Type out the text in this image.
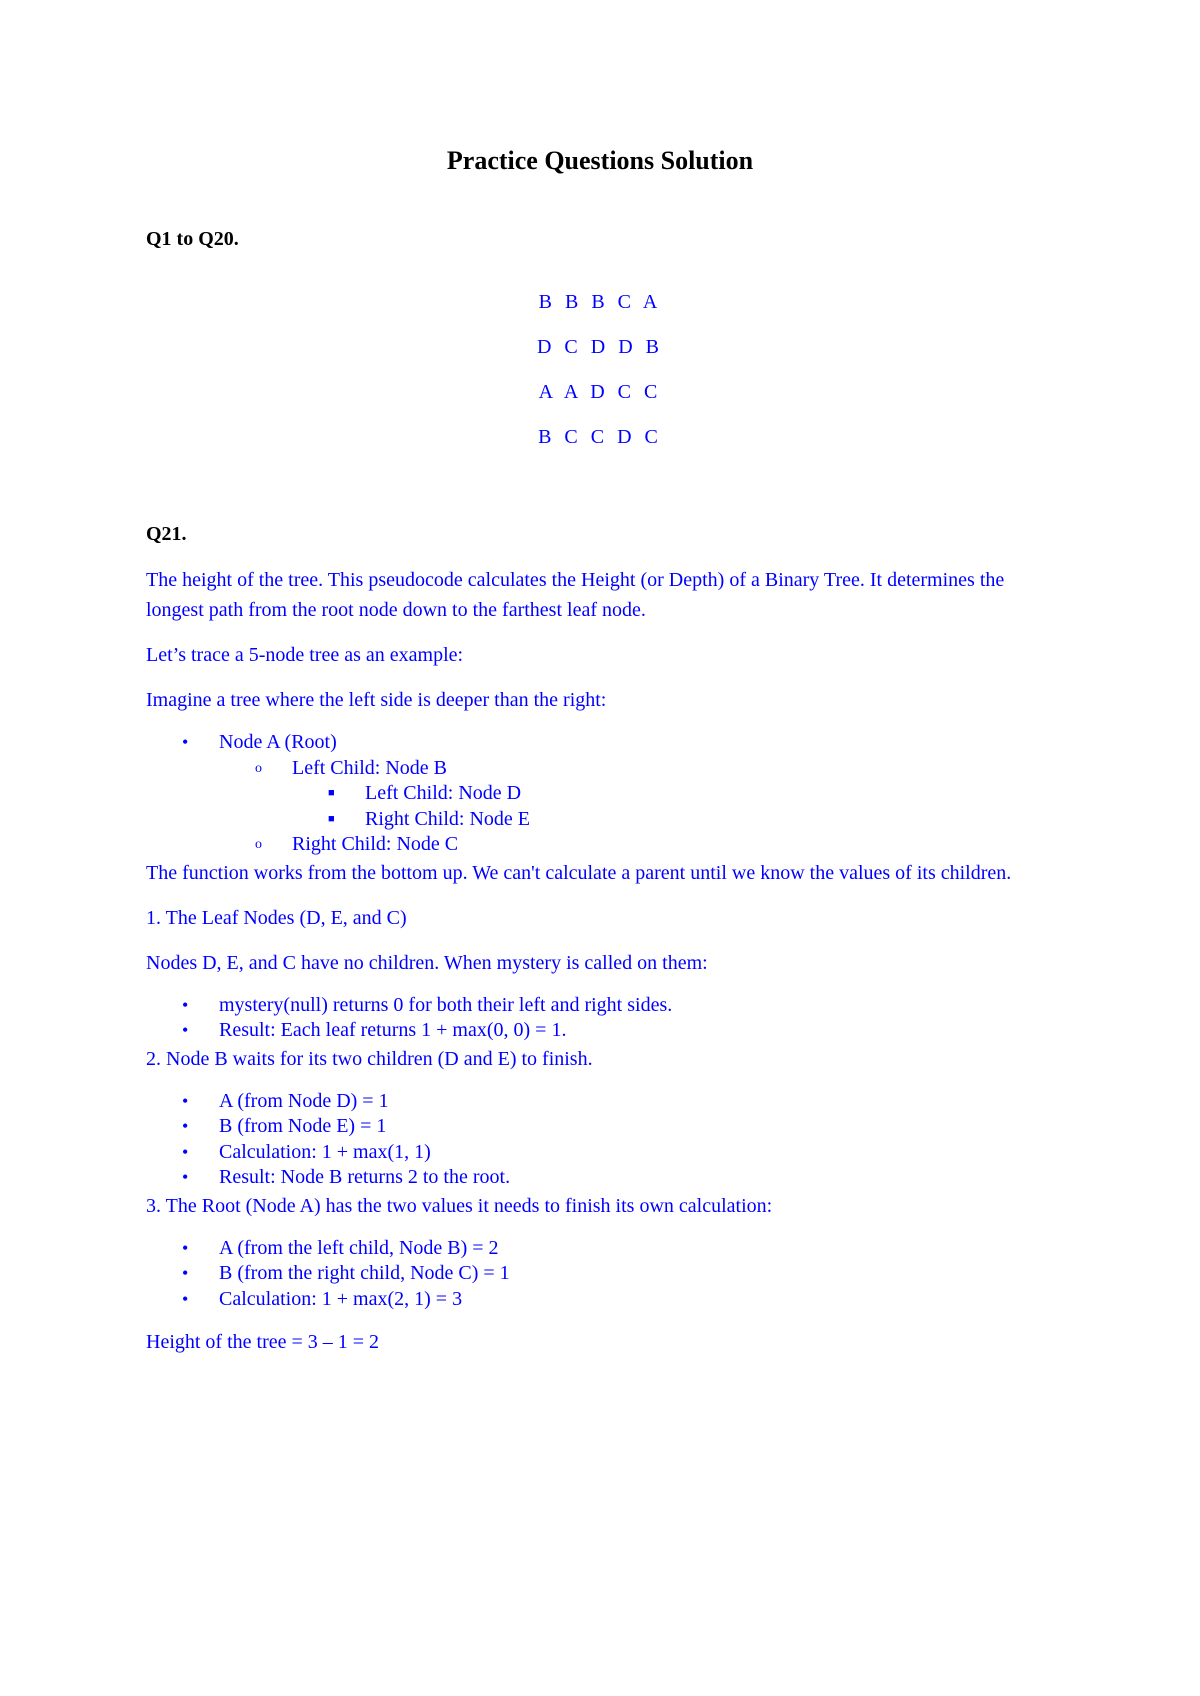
Practice Questions Solution
Q1 to Q20.
B B B C A
D C D D B
A A D C C
B C C D C
Q21.

The height of the tree. This pseudocode calculates the Height (or Depth) of a Binary Tree. It determines the longest path from the root node down to the farthest leaf node.

Let’s trace a 5-node tree as an example:

Imagine a tree where the left side is deeper than the right:

• Node A (Root)
o Left Child: Node B
■ Left Child: Node D
■ Right Child: Node E
o Right Child: Node C

The function works from the bottom up. We can't calculate a parent until we know the values of its children.

1. The Leaf Nodes (D, E, and C)

Nodes D, E, and C have no children. When mystery is called on them:

• mystery(null) returns 0 for both their left and right sides.
• Result: Each leaf returns 1 + max(0, 0) = 1.

2. Node B waits for its two children (D and E) to finish.

• A (from Node D) = 1
• B (from Node E) = 1
• Calculation: 1 + max(1, 1)
• Result: Node B returns 2 to the root.

3. The Root (Node A) has the two values it needs to finish its own calculation:

• A (from the left child, Node B) = 2
• B (from the right child, Node C) = 1
• Calculation: 1 + max(2, 1) = 3

Height of the tree = 3 – 1 = 2
